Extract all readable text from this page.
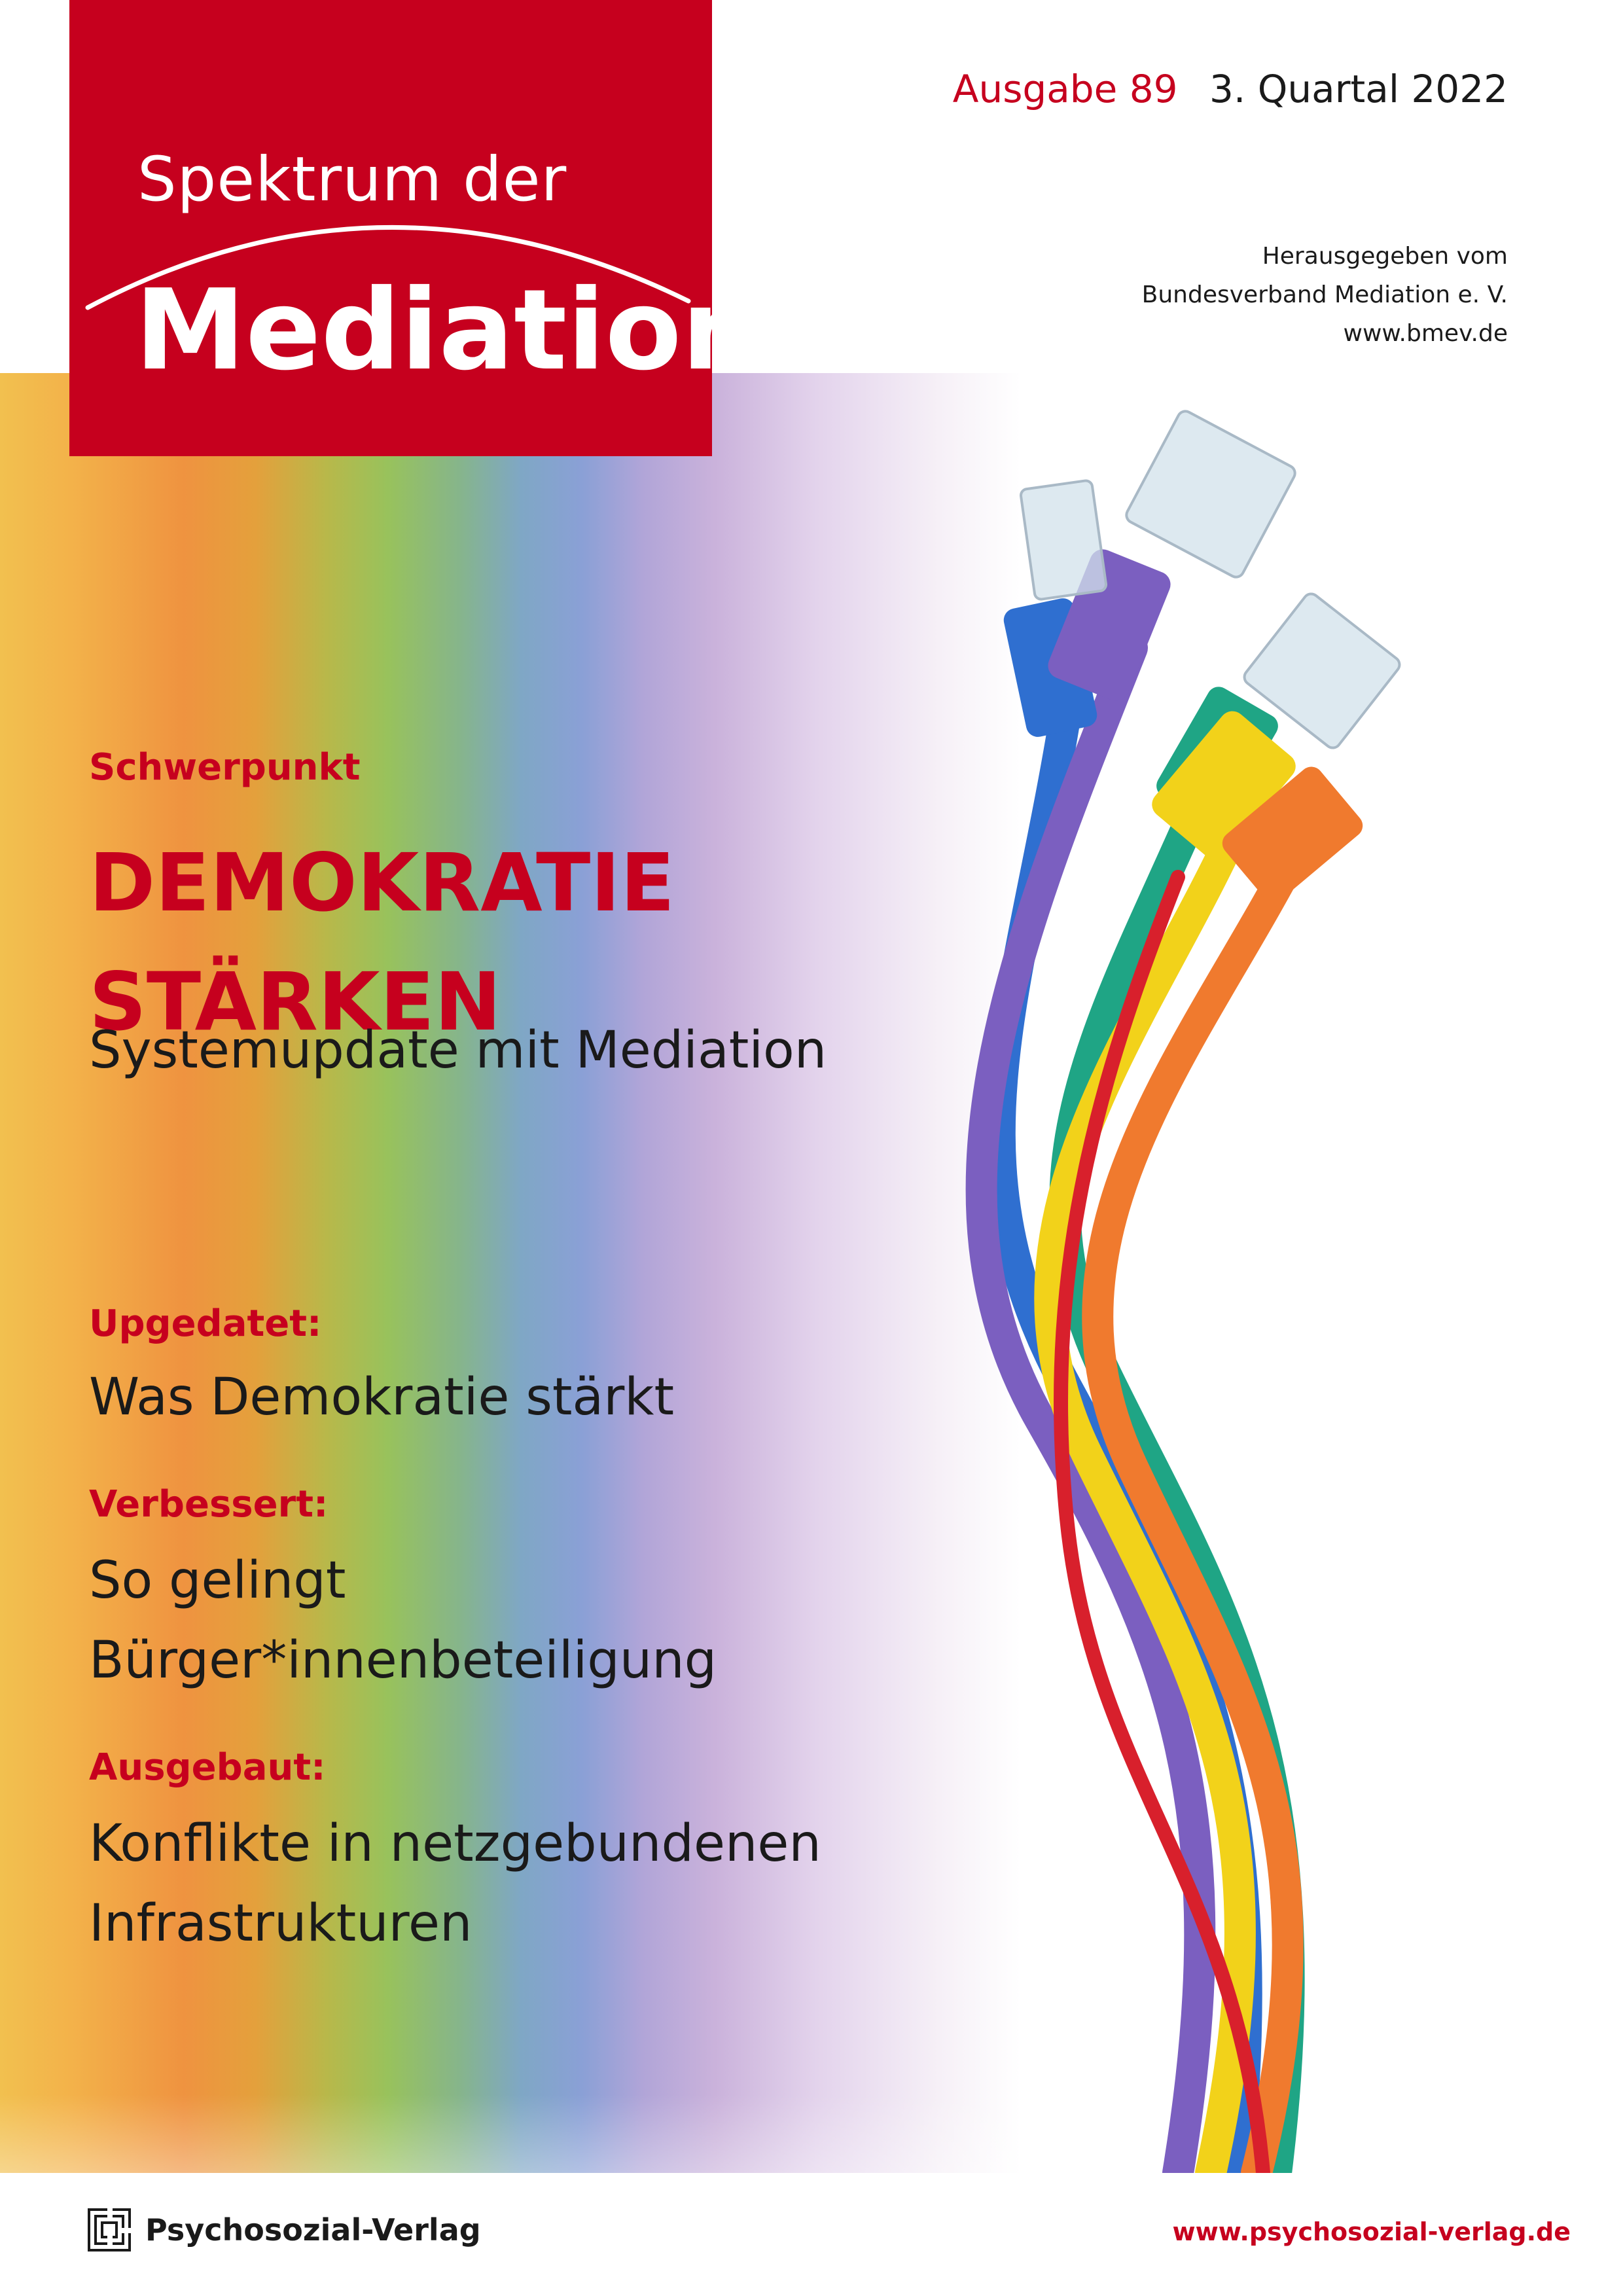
Spektrum der

Mediation

Ausgabe 89 3. Quartal 2022
Herausgegeben vom
Bundesverband Mediation e. V.
www.bmev.de

Schwerpunkt

DEMOKRATIE
STÄRKEN

Systemupdate mit Mediation

Upgedatet:

Was Demokratie stärkt

Verbessert:

So gelingt

Bürger*innenbeteiligung

Ausgebaut:

Konflikte in netzgebundenen

Infrastrukturen

Psychosozial-Verlag	www.psychosozial-verlag.de
